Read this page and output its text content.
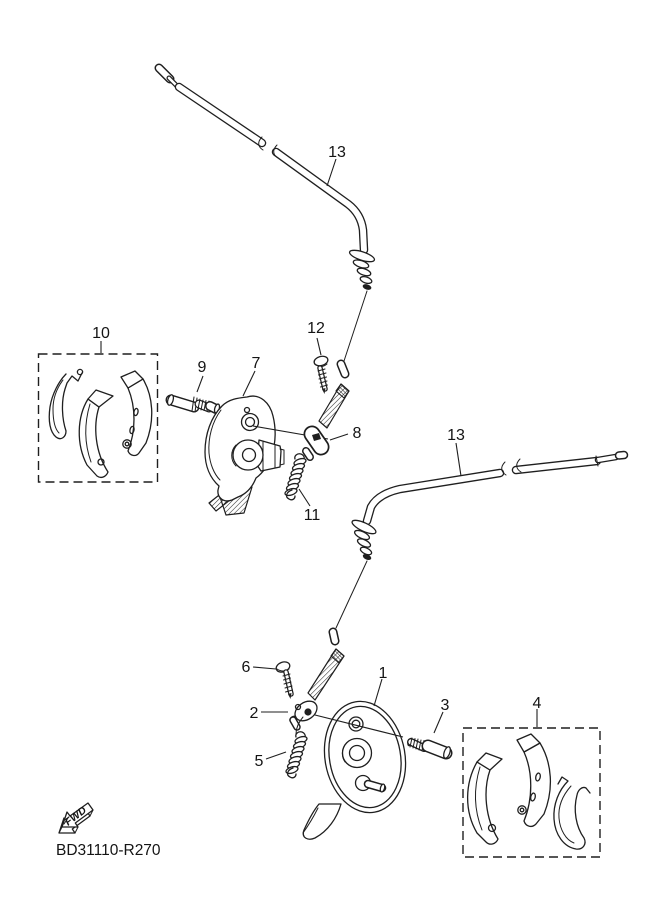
13
12
10
9	7
8	13
11
6
2
1
3
5
4
FWD
BD31110-R270
